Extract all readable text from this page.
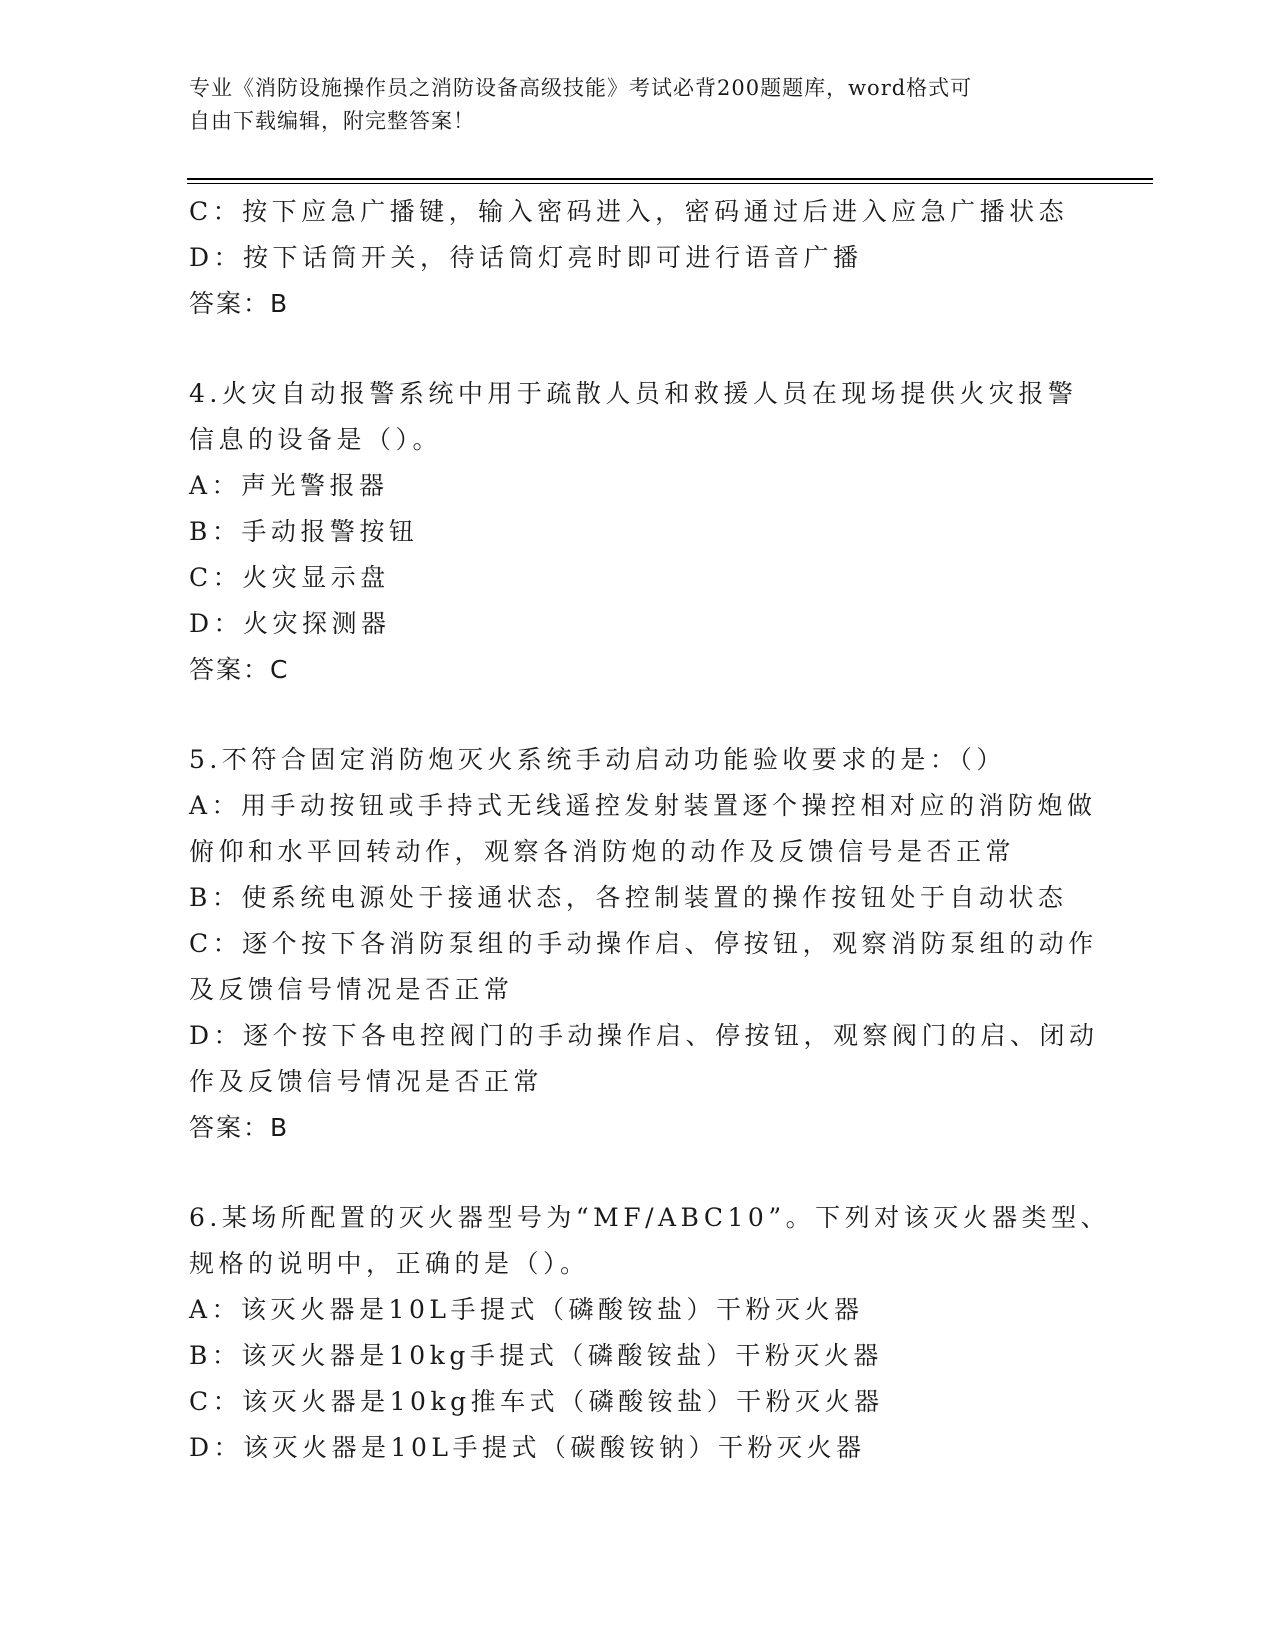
专业《消防设施操作员之消防设备高级技能》考试必背200题题库，word格式可
自由下载编辑，附完整答案！
C：按下应急广播键，输入密码进入，密码通过后进入应急广播状态
D：按下话筒开关，待话筒灯亮时即可进行语音广播
答案：B
4.火灾自动报警系统中用于疏散人员和救援人员在现场提供火灾报警
信息的设备是（）。
A：声光警报器
B：手动报警按钮
C：火灾显示盘
D：火灾探测器
答案：C
5.不符合固定消防炮灭火系统手动启动功能验收要求的是：（）
A：用手动按钮或手持式无线遥控发射装置逐个操控相对应的消防炮做
俯仰和水平回转动作，观察各消防炮的动作及反馈信号是否正常
B：使系统电源处于接通状态，各控制装置的操作按钮处于自动状态
C：逐个按下各消防泵组的手动操作启、停按钮，观察消防泵组的动作
及反馈信号情况是否正常
D：逐个按下各电控阀门的手动操作启、停按钮，观察阀门的启、闭动
作及反馈信号情况是否正常
答案：B
6.某场所配置的灭火器型号为“MF/ABC10”。下列对该灭火器类型、
规格的说明中，正确的是（）。
A：该灭火器是10L手提式（磷酸铵盐）干粉灭火器
B：该灭火器是10kg手提式（磷酸铵盐）干粉灭火器
C：该灭火器是10kg推车式（磷酸铵盐）干粉灭火器
D：该灭火器是10L手提式（碳酸铵钠）干粉灭火器
